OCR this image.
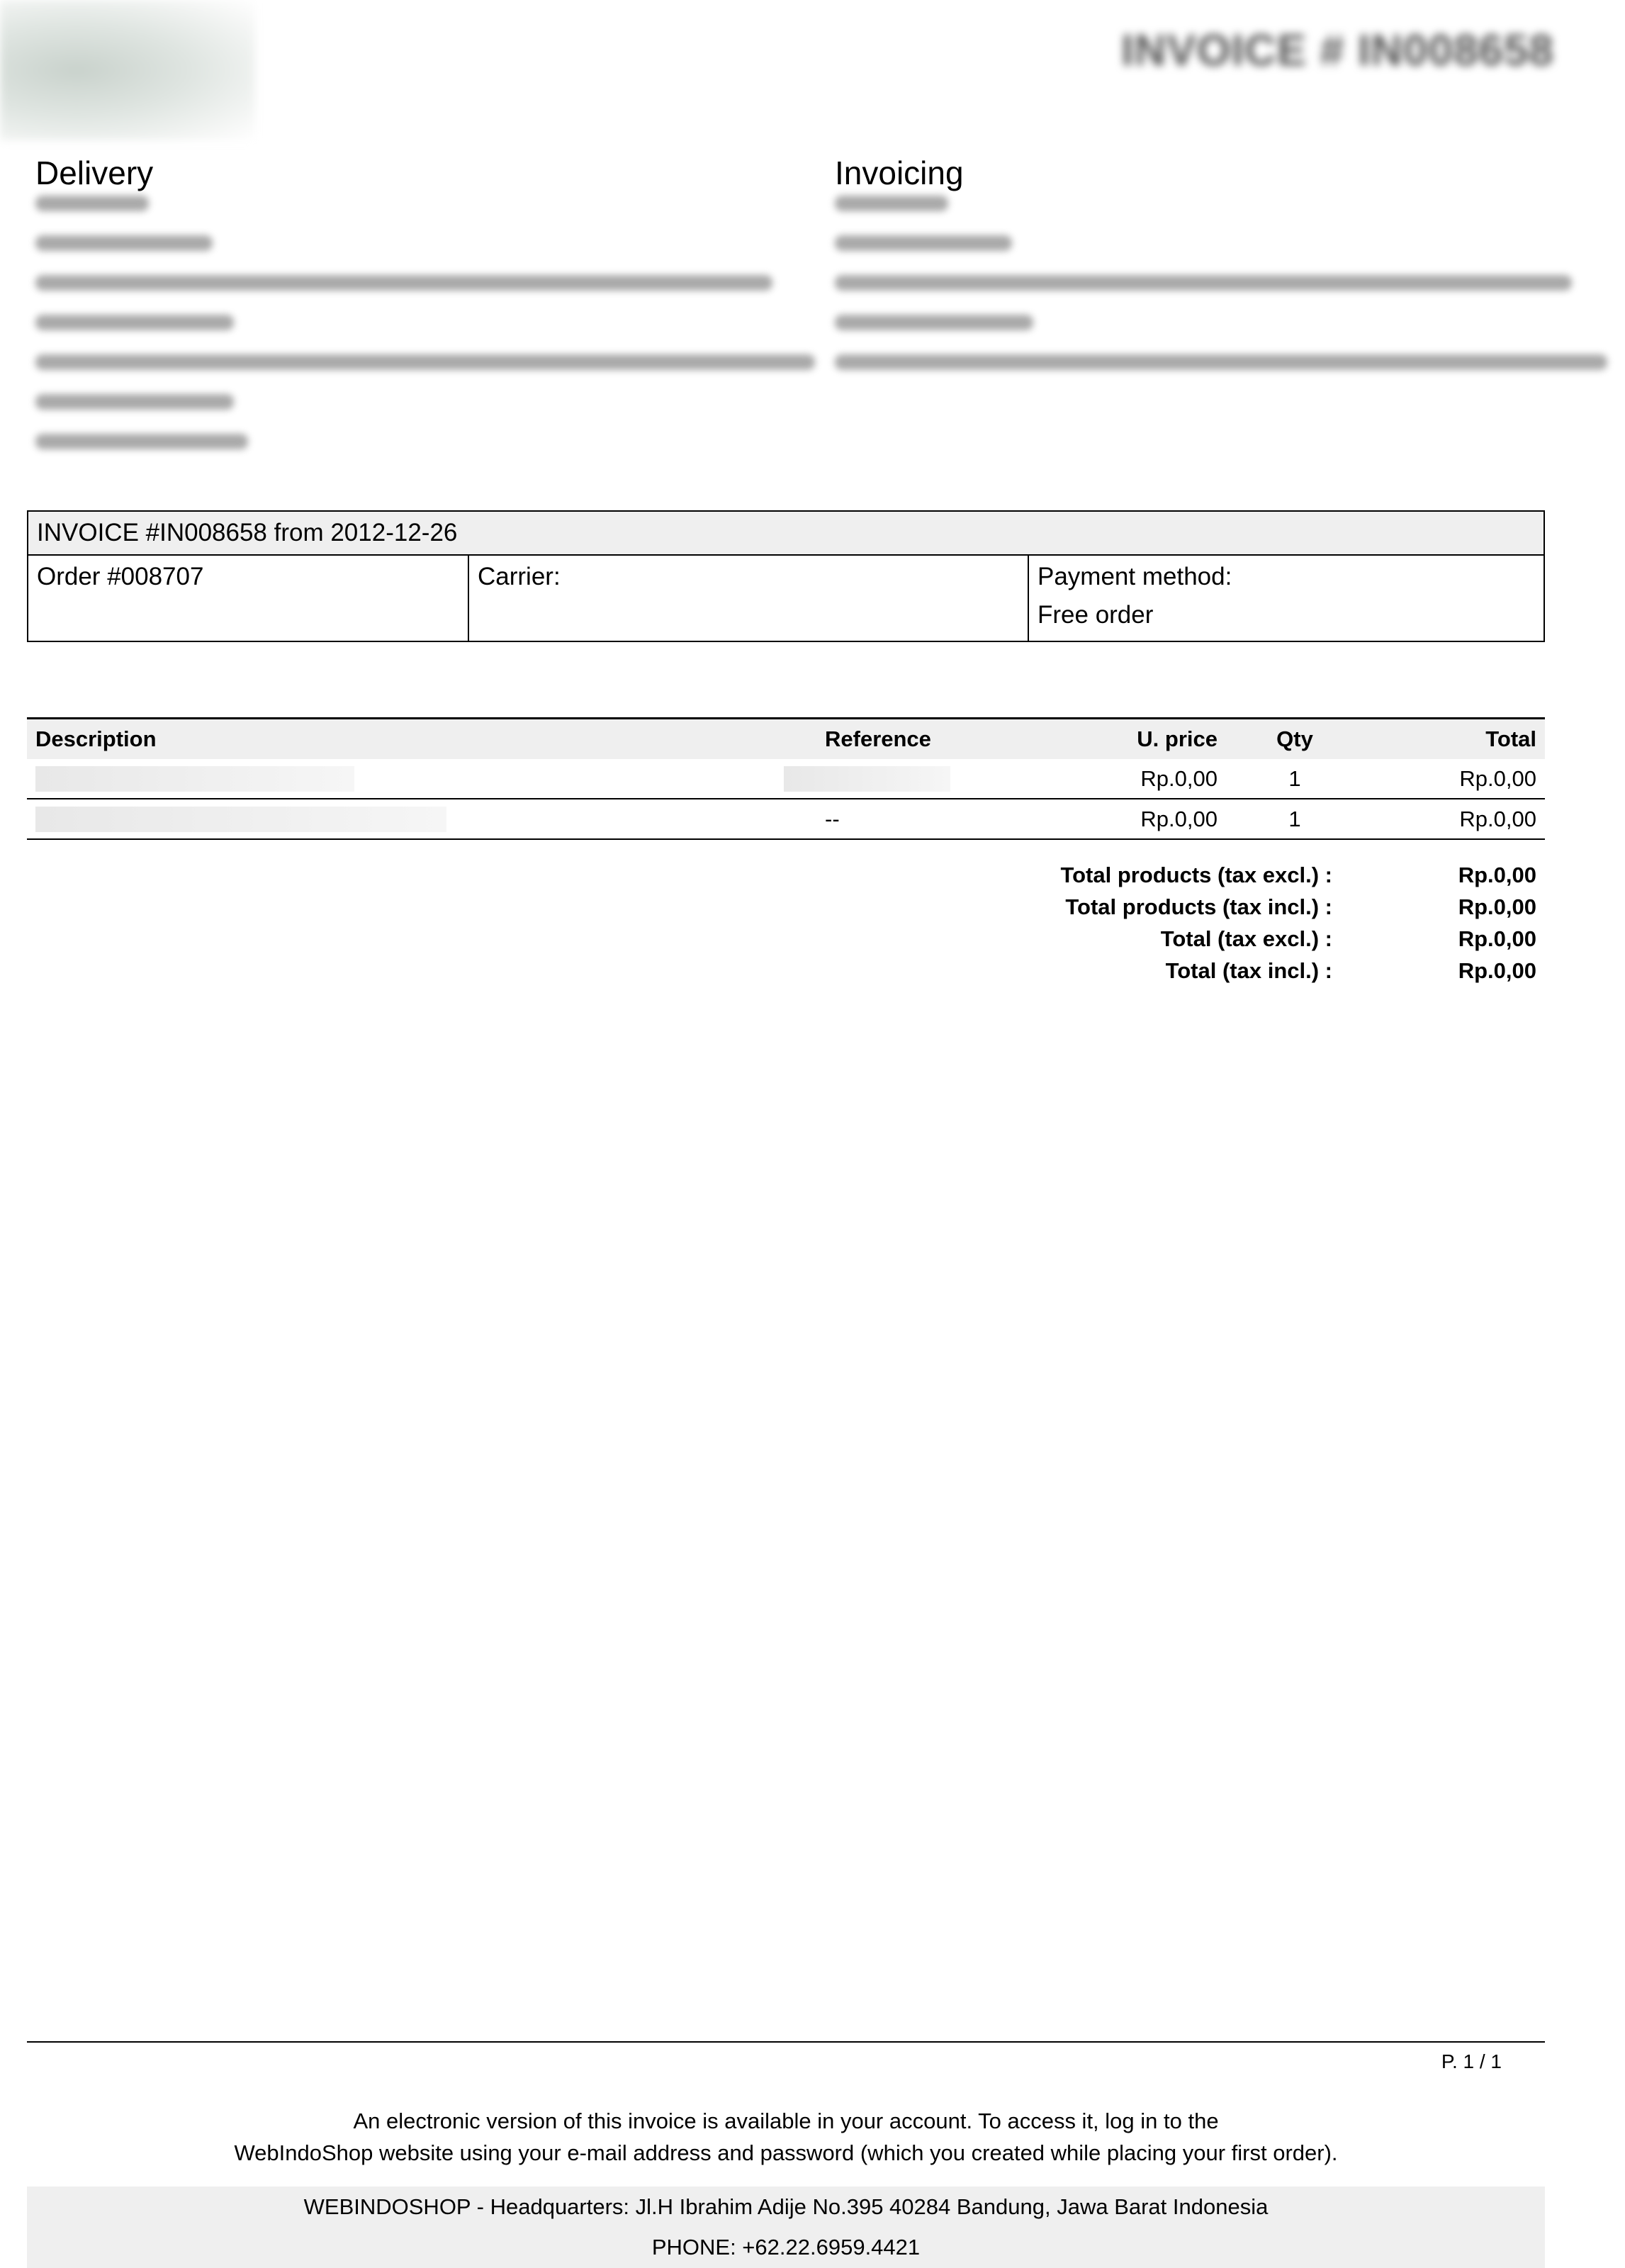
INVOICE # IN008658
Delivery	Invoicing
INVOICE #IN008658 from 2012-12-26
Order #008707	Carrier:	Payment method:
Free order
Description	Reference	U. price	Qty	Total
		Rp.0,00	1	Rp.0,00
	--	Rp.0,00	1	Rp.0,00
Total products (tax excl.) :	Rp.0,00
Total products (tax incl.) :	Rp.0,00
Total (tax excl.) :	Rp.0,00
Total (tax incl.) :	Rp.0,00
P. 1 / 1
An electronic version of this invoice is available in your account. To access it, log in to the
WebIndoShop website using your e-mail address and password (which you created while placing your first order).
WEBINDOSHOP - Headquarters: Jl.H Ibrahim Adije No.395 40284 Bandung, Jawa Barat Indonesia
PHONE: +62.22.6959.4421
